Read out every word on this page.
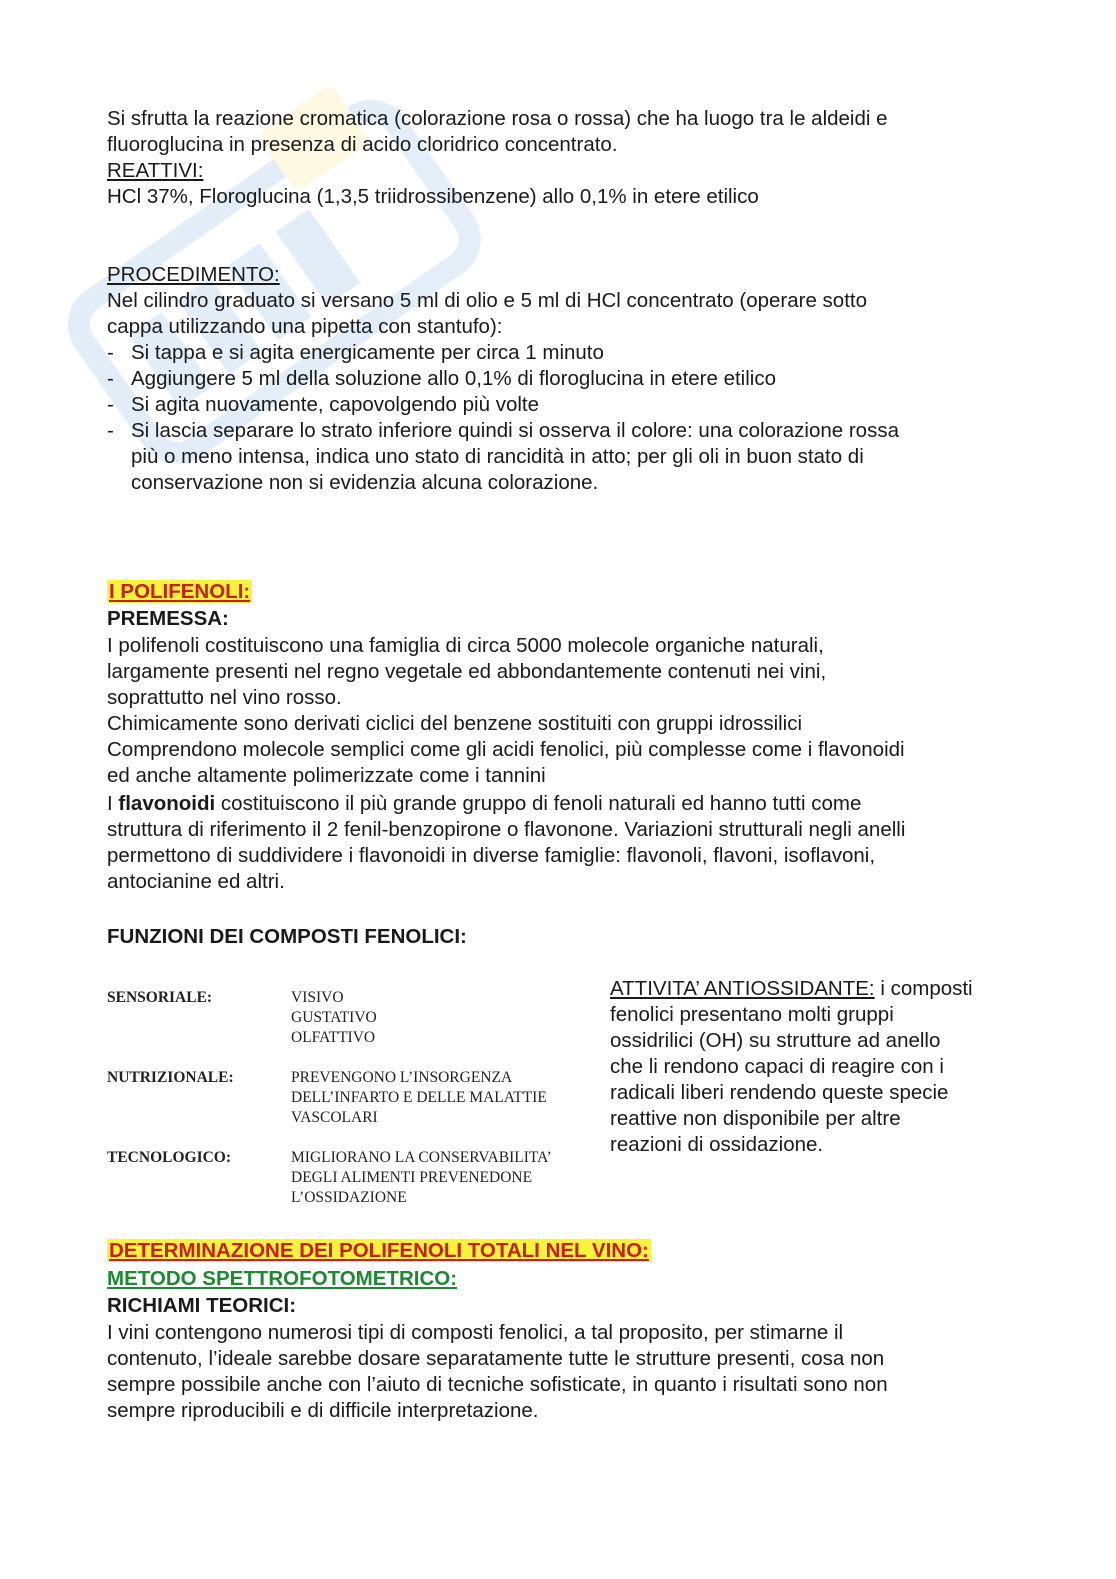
Si sfrutta la reazione cromatica (colorazione rosa o rossa) che ha luogo tra le aldeidi e

fluoroglucina in presenza di acido cloridrico concentrato.

REATTIVI:

HCl 37%, Floroglucina (1,3,5 triidrossibenzene) allo 0,1% in etere etilico

PROCEDIMENTO:

Nel cilindro graduato si versano 5 ml di olio e 5 ml di HCl concentrato (operare sotto

cappa utilizzando una pipetta con stantufo):

- Si tappa e si agita energicamente per circa 1 minuto
- Aggiungere 5 ml della soluzione allo 0,1% di floroglucina in etere etilico
- Si agita nuovamente, capovolgendo più volte
- Si lascia separare lo strato inferiore quindi si osserva il colore: una colorazione rossa

più o meno intensa, indica uno stato di rancidità in atto; per gli oli in buon stato di

conservazione non si evidenzia alcuna colorazione.

I POLIFENOLI:

PREMESSA:

I polifenoli costituiscono una famiglia di circa 5000 molecole organiche naturali,

largamente presenti nel regno vegetale ed abbondantemente contenuti nei vini,

soprattutto nel vino rosso.

Chimicamente sono derivati ciclici del benzene sostituiti con gruppi idrossilici

Comprendono molecole semplici come gli acidi fenolici, più complesse come i flavonoidi

ed anche altamente polimerizzate come i tannini

I flavonoidi costituiscono il più grande gruppo di fenoli naturali ed hanno tutti come

struttura di riferimento il 2 fenil-benzopirone o flavonone. Variazioni strutturali negli anelli

permettono di suddividere i flavonoidi in diverse famiglie: flavonoli, flavoni, isoflavoni,

antocianine ed altri.

FUNZIONI DEI COMPOSTI FENOLICI:

SENSORIALE:	VISIVO
GUSTATIVO
OLFATTIVO
NUTRIZIONALE:	PREVENGONO L’INSORGENZA
DELL’INFARTO E DELLE MALATTIE
VASCOLARI
TECNOLOGICO:	MIGLIORANO LA CONSERVABILITA’
DEGLI ALIMENTI PREVENEDONE
L’OSSIDAZIONE
ATTIVITA’ ANTIOSSIDANTE: i composti
fenolici presentano molti gruppi
ossidrilici (OH) su strutture ad anello
che li rendono capaci di reagire con i
radicali liberi rendendo queste specie
reattive non disponibile per altre
reazioni di ossidazione.

DETERMINAZIONE DEI POLIFENOLI TOTALI NEL VINO:

METODO SPETTROFOTOMETRICO:

RICHIAMI TEORICI:

I vini contengono numerosi tipi di composti fenolici, a tal proposito, per stimarne il

contenuto, l’ideale sarebbe dosare separatamente tutte le strutture presenti, cosa non

sempre possibile anche con l’aiuto di tecniche sofisticate, in quanto i risultati sono non

sempre riproducibili e di difficile interpretazione.
